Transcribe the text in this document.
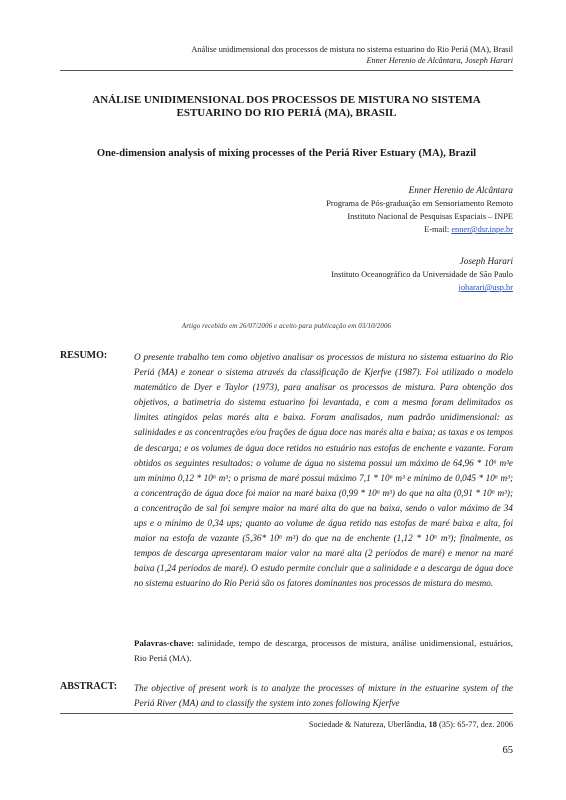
Análise unidimensional dos processos de mistura no sistema estuarino do Rio Periá (MA), Brasil
Enner Herenio de Alcântara, Joseph Harari
ANÁLISE UNIDIMENSIONAL DOS PROCESSOS DE MISTURA NO SISTEMA ESTUARINO DO RIO PERIÁ (MA), BRASIL
One-dimension analysis of mixing processes of the Periá River Estuary (MA), Brazil
Enner Herenio de Alcântara
Programa de Pós-graduação em Sensoriamento Remoto
Instituto Nacional de Pesquisas Espaciais – INPE
E-mail: enner@dsr.inpe.br
Joseph Harari
Instituto Oceanográfico da Universidade de São Paulo
joharari@usp.br
Artigo recebido em 26/07/2006 e aceito para publicação em 03/10/2006
RESUMO:	O presente trabalho tem como objetivo analisar os processos de mistura no sistema estuarino do Rio Periá (MA) e zonear o sistema através da classificação de Kjerfve (1987). Foi utilizado o modelo matemático de Dyer e Taylor (1973), para analisar os processos de mistura. Para obtenção dos objetivos, a batimetria do sistema estuarino foi levantada, e com a mesma foram delimitados os limites atingidos pelas marés alta e baixa. Foram analisados, num padrão unidimensional: as salinidades e as concentrações e/ou frações de água doce nas marés alta e baixa; as taxas e os tempos de descarga; e os volumes de água doce retidos no estuário nas estofas de enchente e vazante. Foram obtidos os seguintes resultados: o volume de água no sistema possui um máximo de 64,96 * 10⁶ m³e um mínimo 0,12 * 10⁶ m³; o prisma de maré possui máximo 7,1 * 10⁶ m³ e mínimo de 0,045 * 10⁶ m³; a concentração de água doce foi maior na maré baixa (0,99 * 10⁶ m³) do que na alta (0,91 * 10⁶ m³); a concentração de sal foi sempre maior na maré alta do que na baixa, sendo o valor máximo de 34 ups e o mínimo de 0,34 ups; quanto ao volume de água retido nas estofas de maré baixa e alta, foi maior na estofa de vazante (5,36* 10⁶ m³) do que na de enchente (1,12 * 10⁶ m³); finalmente, os tempos de descarga apresentaram maior valor na maré alta (2 períodos de maré) e menor na maré baixa (1,24 períodos de maré). O estudo permite concluir que a salinidade e a descarga de água doce no sistema estuarino do Rio Periá são os fatores dominantes nos processos de mistura do mesmo.
Palavras-chave: salinidade, tempo de descarga, processos de mistura, análise unidimensional, estuários, Rio Periá (MA).
ABSTRACT: The objective of present work is to analyze the processes of mixture in the estuarine system of the Periá River (MA) and to classify the system into zones following Kjerfve
Sociedade & Natureza, Uberlândia, 18 (35): 65-77, dez. 2006
65
